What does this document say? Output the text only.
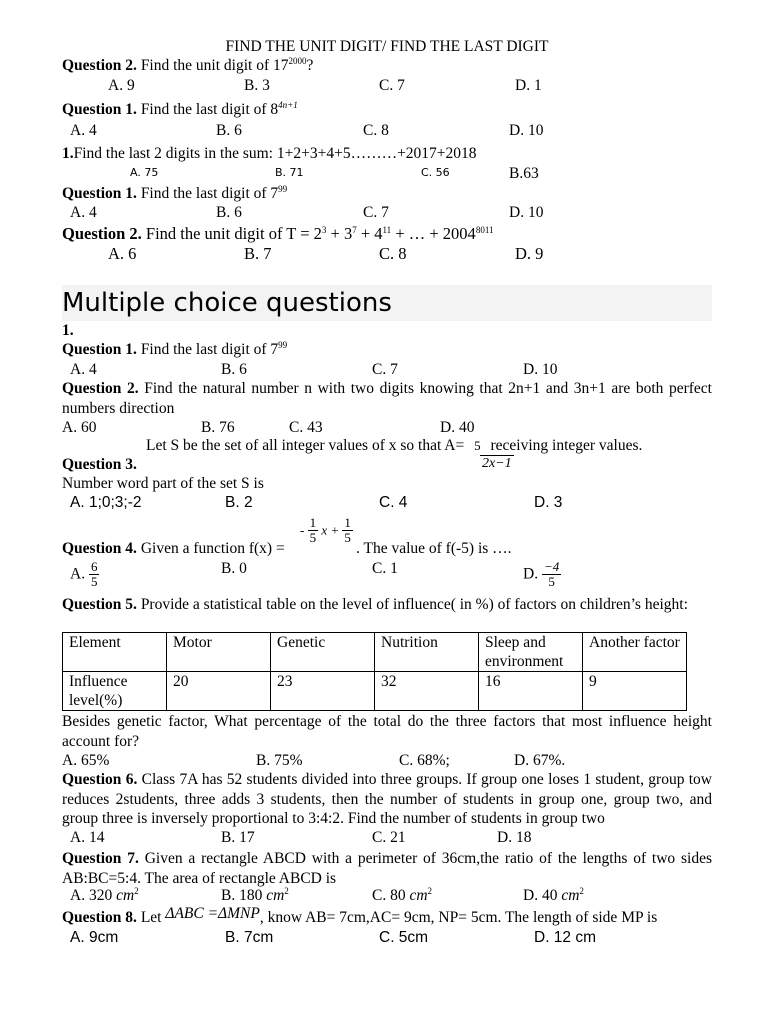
FIND THE UNIT DIGIT/ FIND THE LAST DIGIT
Question 2. Find the unit digit of $17^{2000}$?
A. 9	B. 3	C. 7	D. 1
Question 1. Find the last digit of $8^{4n+1}$
A. 4	B. 6	C. 8	D. 10
1.Find the last 2 digits in the sum: 1+2+3+4+5………+2017+2018
A. 75	B. 71	C. 56	B.63
Question 1. Find the last digit of $7^{99}$
A. 4	B. 6	C. 7	D. 10
Question 2. Find the unit digit of $T = 2^3 + 3^7 + 4^{11}$ + … + $2004^{8011}$
A. 6	B. 7	C. 8	D. 9
Multiple choice questions
1.
Question 1. Find the last digit of $7^{99}$
A. 4	B. 6	C. 7	D. 10
Question 2. Find the natural number n with two digits knowing that 2n+1 and 3n+1 are both perfect numbers direction
A. 60	B. 76	C. 43	D. 40
Let S be the set of all integer values of x so that A= 5 receiving integer values.
2x−1
Question 3.
Number word part of the set S is
A. 1;0;3;-2	B. 2	C. 4	D. 3
Question 4. Given a function f(x) =
- $\frac{1}{5}$ $x + \frac{1}{5}$
. The value of f(-5) is ….
A. $\frac{6}{5}$	B. 0	C. 1	D. $\frac{-4}{5}$
Question 5. Provide a statistical table on the level of influence( in %) of factors on children’s height:
Element	Motor	Genetic	Nutrition	Sleep and environment	Another factor
Influence level(%)	20	23	32	16	9
Besides genetic factor, What percentage of the total do the three factors that most influence height account for?
A. 65%	B. 75%	C. 68%;	D. 67%.
Question 6. Class 7A has 52 students divided into three groups. If group one loses 1 student, group tow reduces 2students, three adds 3 students, then the number of students in group one, group two, and group three is inversely proportional to 3:4:2. Find the number of students in group two
A. 14	B. 17	C. 21	D. 18
Question 7. Given a rectangle ABCD with a perimeter of 36cm,the ratio of the lengths of two sides AB:BC=5:4. The area of rectangle ABCD is
A. 320 $cm^2$	B. 180 $cm^2$	C. 80 $cm^2$	D. 40 $cm^2$
Question 8. Let ΔABC =ΔMNP, know AB= 7cm,AC= 9cm, NP= 5cm. The length of side MP is
A. 9cm	B. 7cm	C. 5cm	D. 12 cm
